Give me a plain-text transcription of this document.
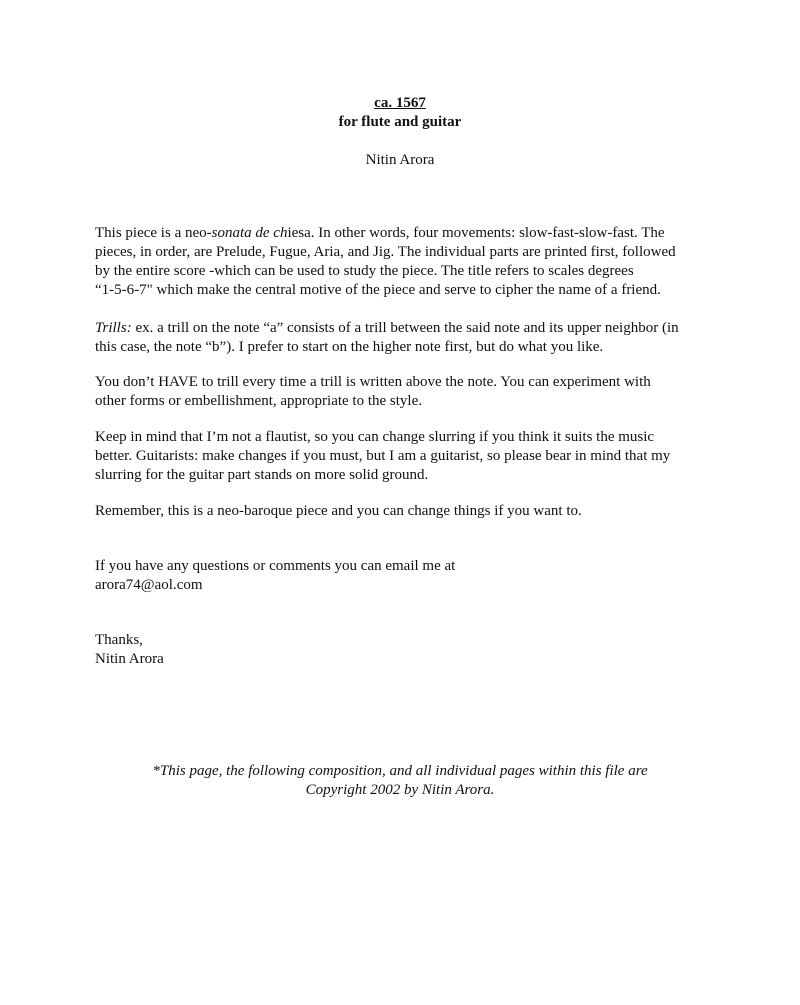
ca. 1567
for flute and guitar
Nitin Arora

This piece is a neo-sonata de chiesa. In other words, four movements: slow-fast-slow-fast. The
pieces, in order, are Prelude, Fugue, Aria, and Jig. The individual parts are printed first, followed
by the entire score -which can be used to study the piece. The title refers to scales degrees
“1-5-6-7" which make the central motive of the piece and serve to cipher the name of a friend.

Trills: ex. a trill on the note “a” consists of a trill between the said note and its upper neighbor (in
this case, the note “b”). I prefer to start on the higher note first, but do what you like.

You don’t HAVE to trill every time a trill is written above the note. You can experiment with
other forms or embellishment, appropriate to the style.

Keep in mind that I’m not a flautist, so you can change slurring if you think it suits the music
better. Guitarists: make changes if you must, but I am a guitarist, so please bear in mind that my
slurring for the guitar part stands on more solid ground.

Remember, this is a neo-baroque piece and you can change things if you want to.

If you have any questions or comments you can email me at
arora74@aol.com

Thanks,
Nitin Arora

*This page, the following composition, and all individual pages within this file are
Copyright 2002 by Nitin Arora.
